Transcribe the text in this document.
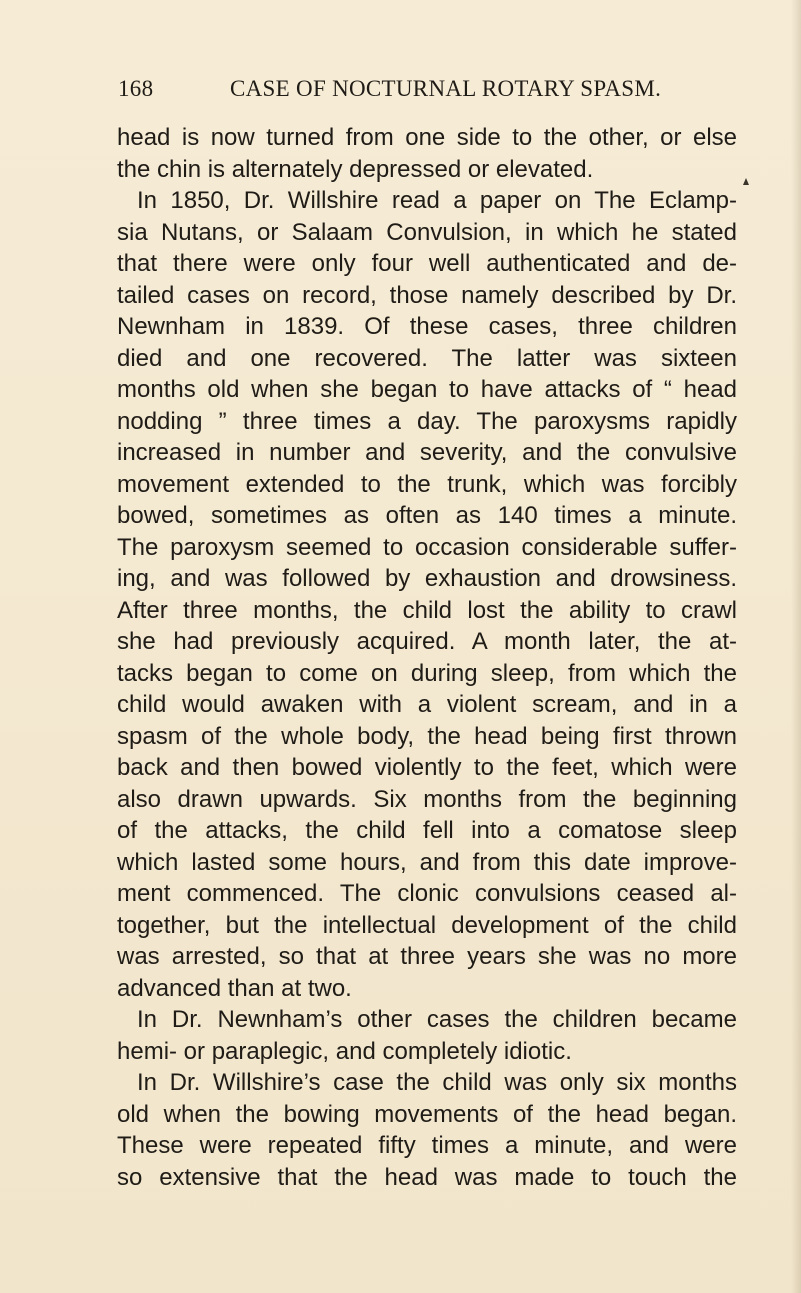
168	CASE OF NOCTURNAL ROTARY SPASM.
head is now turned from one side to the other, or else
the chin is alternately depressed or elevated.
In 1850, Dr. Willshire read a paper on The Eclamp-
sia Nutans, or Salaam Convulsion, in which he stated
that there were only four well authenticated and de-
tailed cases on record, those namely described by Dr.
Newnham in 1839. Of these cases, three children
died and one recovered. The latter was sixteen
months old when she began to have attacks of “ head
nodding ” three times a day. The paroxysms rapidly
increased in number and severity, and the convulsive
movement extended to the trunk, which was forcibly
bowed, sometimes as often as 140 times a minute.
The paroxysm seemed to occasion considerable suffer-
ing, and was followed by exhaustion and drowsiness.
After three months, the child lost the ability to crawl
she had previously acquired. A month later, the at-
tacks began to come on during sleep, from which the
child would awaken with a violent scream, and in a
spasm of the whole body, the head being first thrown
back and then bowed violently to the feet, which were
also drawn upwards. Six months from the beginning
of the attacks, the child fell into a comatose sleep
which lasted some hours, and from this date improve-
ment commenced. The clonic convulsions ceased al-
together, but the intellectual development of the child
was arrested, so that at three years she was no more
advanced than at two.
In Dr. Newnham’s other cases the children became
hemi- or paraplegic, and completely idiotic.
In Dr. Willshire’s case the child was only six months
old when the bowing movements of the head began.
These were repeated fifty times a minute, and were
so extensive that the head was made to touch the
